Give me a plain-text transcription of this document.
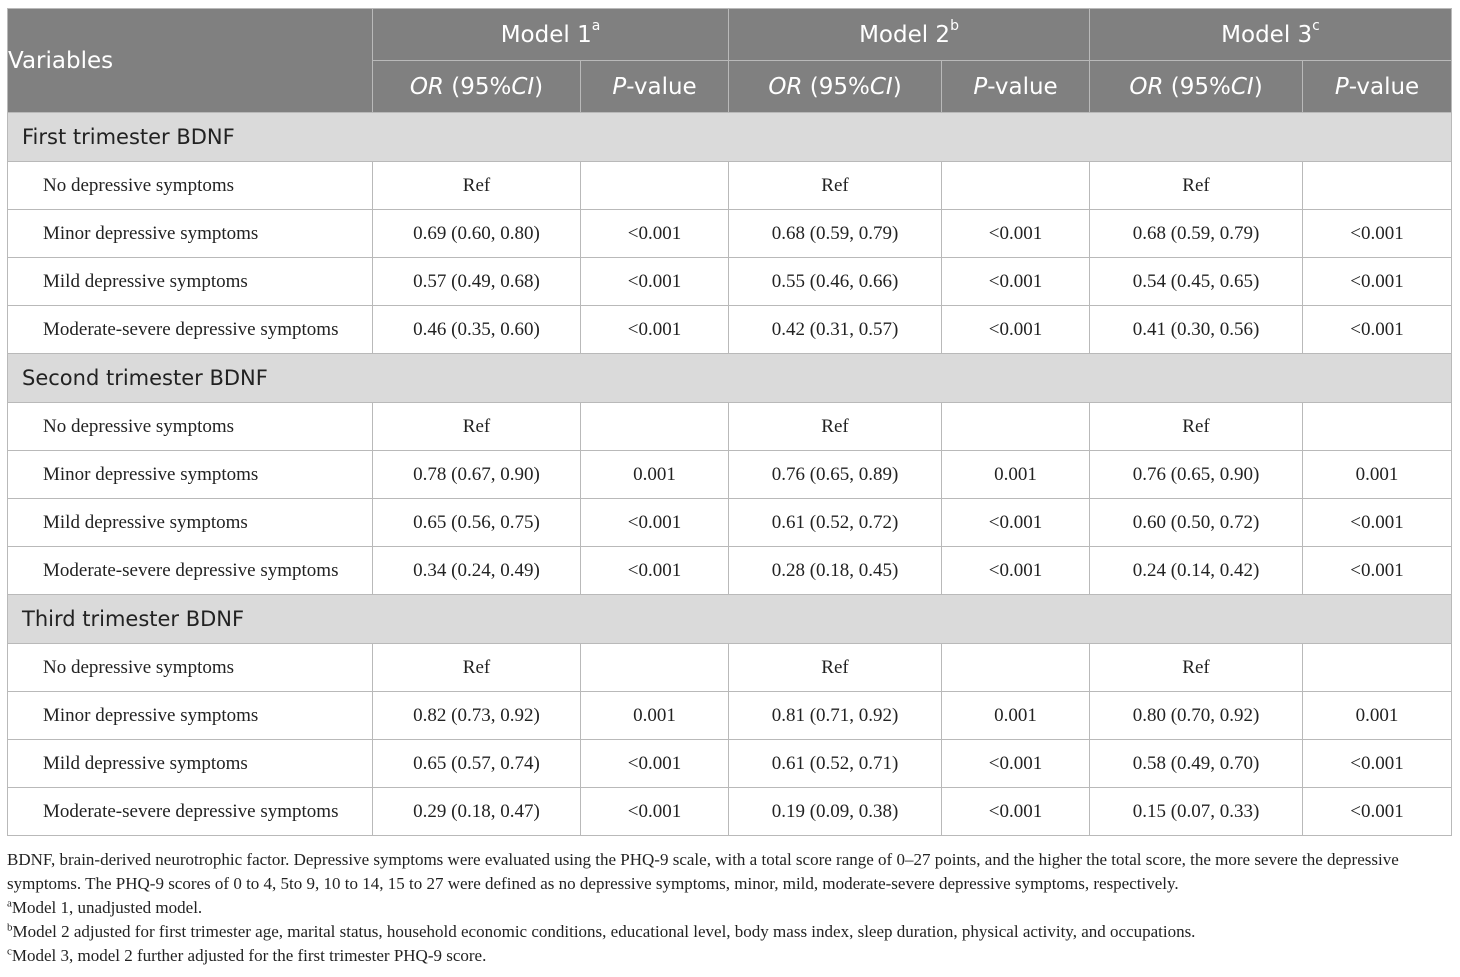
Variables	Model 1$^a$		Model 2$^b$		Model 3$^c$
	OR (95%CI)	P-value	OR (95%CI)	P-value	OR (95%CI)	P-value
First trimester BDNF						
No depressive symptoms	Ref		Ref		Ref	
Minor depressive symptoms	0.69 (0.60, 0.80)	<0.001	0.68 (0.59, 0.79)	<0.001	0.68 (0.59, 0.79)	<0.001
Mild depressive symptoms	0.57 (0.49, 0.68)	<0.001	0.55 (0.46, 0.66)	<0.001	0.54 (0.45, 0.65)	<0.001
Moderate-severe depressive symptoms	0.46 (0.35, 0.60)	<0.001	0.42 (0.31, 0.57)	<0.001	0.41 (0.30, 0.56)	<0.001
Second trimester BDNF						
No depressive symptoms	Ref		Ref		Ref	
Minor depressive symptoms	0.78 (0.67, 0.90)	0.001	0.76 (0.65, 0.89)	0.001	0.76 (0.65, 0.90)	0.001
Mild depressive symptoms	0.65 (0.56, 0.75)	<0.001	0.61 (0.52, 0.72)	<0.001	0.60 (0.50, 0.72)	<0.001
Moderate-severe depressive symptoms	0.34 (0.24, 0.49)	<0.001	0.28 (0.18, 0.45)	<0.001	0.24 (0.14, 0.42)	<0.001
Third trimester BDNF						
No depressive symptoms	Ref		Ref		Ref	
Minor depressive symptoms	0.82 (0.73, 0.92)	0.001	0.81 (0.71, 0.92)	0.001	0.80 (0.70, 0.92)	0.001
Mild depressive symptoms	0.65 (0.57, 0.74)	<0.001	0.61 (0.52, 0.71)	<0.001	0.58 (0.49, 0.70)	<0.001
Moderate-severe depressive symptoms	0.29 (0.18, 0.47)	<0.001	0.19 (0.09, 0.38)	<0.001	0.15 (0.07, 0.33)	<0.001

BDNF, brain-derived neurotrophic factor. Depressive symptoms were evaluated using the PHQ-9 scale, with a total score range of 0–27 points, and the higher the total score, the more severe the depressive symptoms. The PHQ-9 scores of 0 to 4, 5to 9, 10 to 14, 15 to 27 were defined as no depressive symptoms, minor, mild, moderate-severe depressive symptoms, respectively.

$^a$Model 1, unadjusted model.

$^b$Model 2 adjusted for first trimester age, marital status, household economic conditions, educational level, body mass index, sleep duration, physical activity, and occupations.

$^c$Model 3, model 2 further adjusted for the first trimester PHQ-9 score.
